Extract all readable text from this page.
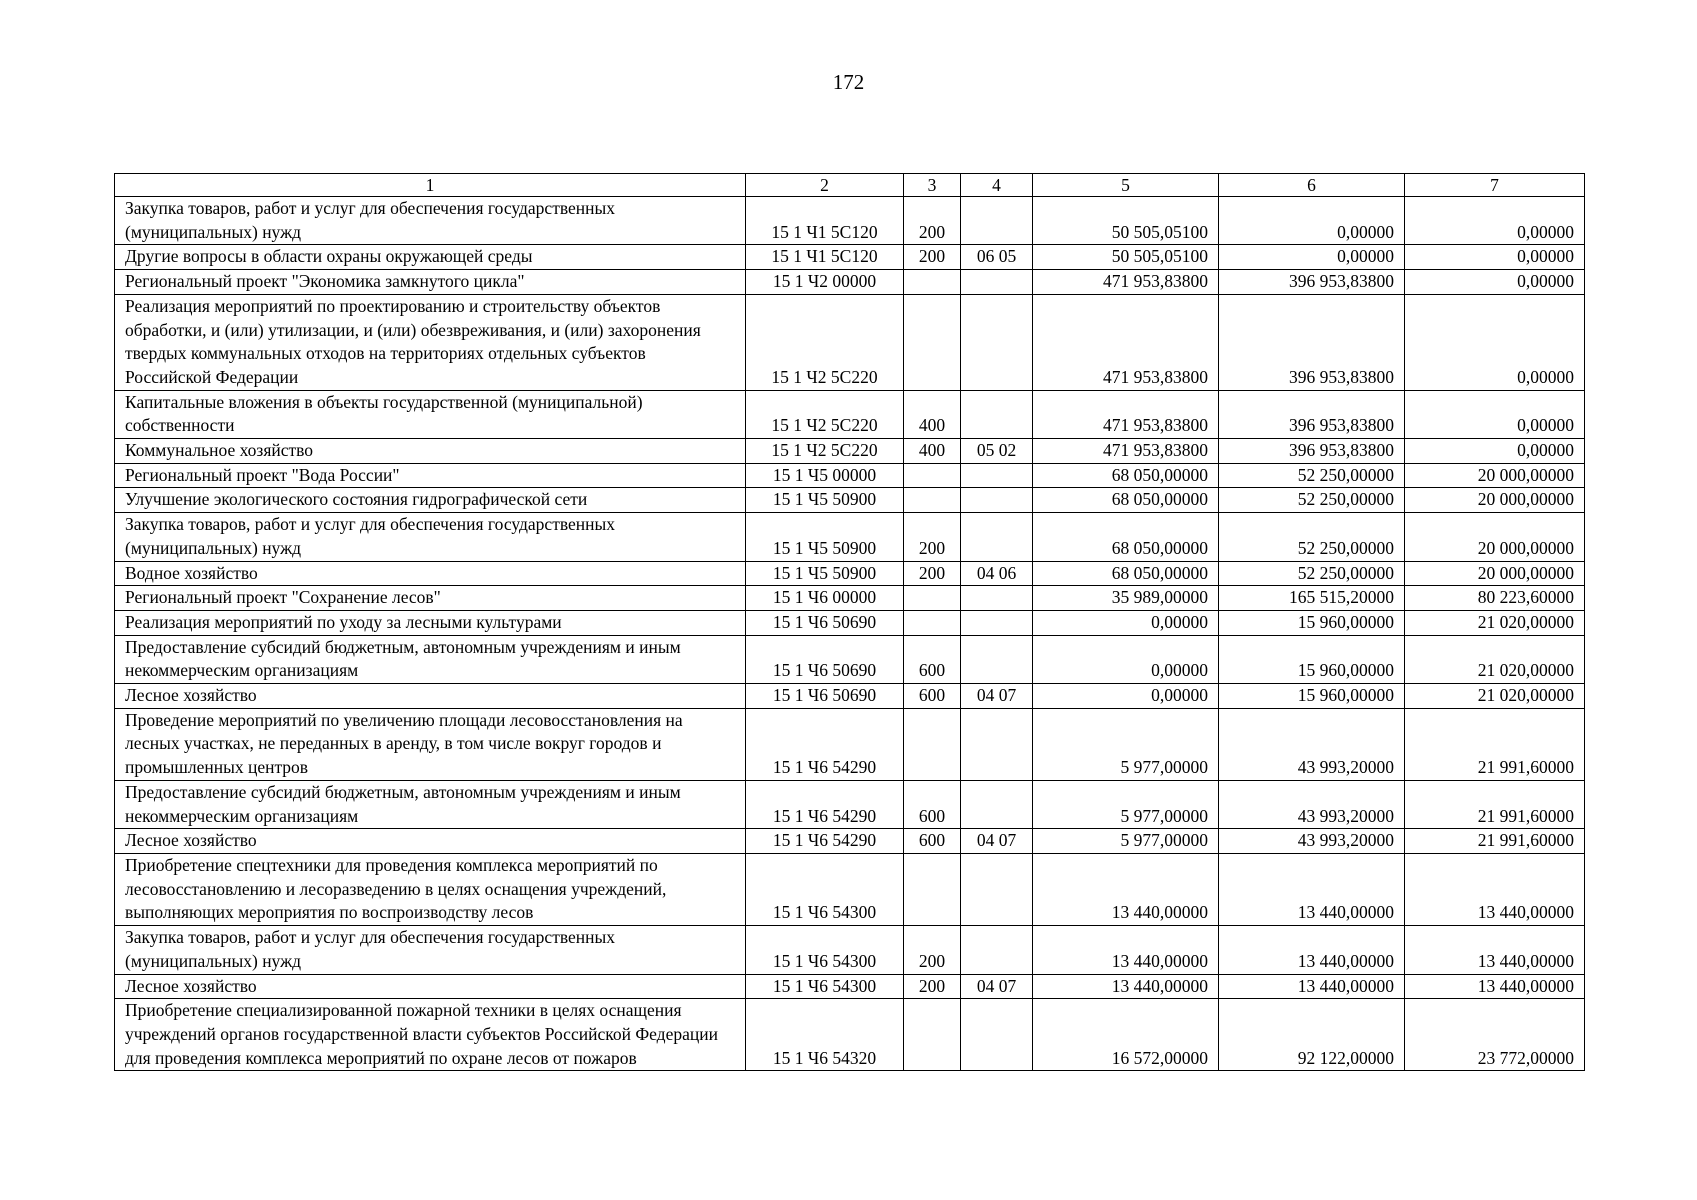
172
1	2	3	4	5	6	7
Закупка товаров, работ и услуг для обеспечения государственных (муниципальных) нужд	15 1 Ч1 5С120	200		50 505,05100	0,00000	0,00000
Другие вопросы в области охраны окружающей среды	15 1 Ч1 5С120	200	06 05	50 505,05100	0,00000	0,00000
Региональный проект "Экономика замкнутого цикла"	15 1 Ч2 00000			471 953,83800	396 953,83800	0,00000
Реализация мероприятий по проектированию и строительству объектов обработки, и (или) утилизации, и (или) обезвреживания, и (или) захоронения твердых коммунальных отходов на территориях отдельных субъектов Российской Федерации	15 1 Ч2 5С220			471 953,83800	396 953,83800	0,00000
Капитальные вложения в объекты государственной (муниципальной) собственности	15 1 Ч2 5С220	400		471 953,83800	396 953,83800	0,00000
Коммунальное хозяйство	15 1 Ч2 5С220	400	05 02	471 953,83800	396 953,83800	0,00000
Региональный проект "Вода России"	15 1 Ч5 00000			68 050,00000	52 250,00000	20 000,00000
Улучшение экологического состояния гидрографической сети	15 1 Ч5 50900			68 050,00000	52 250,00000	20 000,00000
Закупка товаров, работ и услуг для обеспечения государственных (муниципальных) нужд	15 1 Ч5 50900	200		68 050,00000	52 250,00000	20 000,00000
Водное хозяйство	15 1 Ч5 50900	200	04 06	68 050,00000	52 250,00000	20 000,00000
Региональный проект "Сохранение лесов"	15 1 Ч6 00000			35 989,00000	165 515,20000	80 223,60000
Реализация мероприятий по уходу за лесными культурами	15 1 Ч6 50690			0,00000	15 960,00000	21 020,00000
Предоставление субсидий бюджетным, автономным учреждениям и иным некоммерческим организациям	15 1 Ч6 50690	600		0,00000	15 960,00000	21 020,00000
Лесное хозяйство	15 1 Ч6 50690	600	04 07	0,00000	15 960,00000	21 020,00000
Проведение мероприятий по увеличению площади лесовосстановления на лесных участках, не переданных в аренду, в том числе вокруг городов и промышленных центров	15 1 Ч6 54290			5 977,00000	43 993,20000	21 991,60000
Предоставление субсидий бюджетным, автономным учреждениям и иным некоммерческим организациям	15 1 Ч6 54290	600		5 977,00000	43 993,20000	21 991,60000
Лесное хозяйство	15 1 Ч6 54290	600	04 07	5 977,00000	43 993,20000	21 991,60000
Приобретение спецтехники для проведения комплекса мероприятий по лесовосстановлению и лесоразведению в целях оснащения учреждений, выполняющих мероприятия по воспроизводству лесов	15 1 Ч6 54300			13 440,00000	13 440,00000	13 440,00000
Закупка товаров, работ и услуг для обеспечения государственных (муниципальных) нужд	15 1 Ч6 54300	200		13 440,00000	13 440,00000	13 440,00000
Лесное хозяйство	15 1 Ч6 54300	200	04 07	13 440,00000	13 440,00000	13 440,00000
Приобретение специализированной пожарной техники в целях оснащения учреждений органов государственной власти субъектов Российской Федерации для проведения комплекса мероприятий по охране лесов от пожаров	15 1 Ч6 54320			16 572,00000	92 122,00000	23 772,00000
